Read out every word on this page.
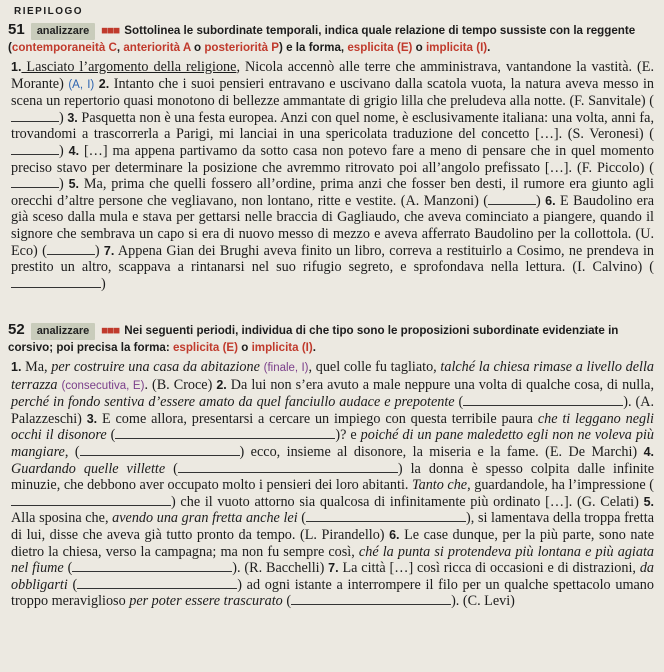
RIEPILOGO
51 analizzare ■■■ Sottolinea le subordinate temporali, indica quale relazione di tempo sussiste con la reggente (contemporaneità C, anteriorità A o posteriorità P) e la forma, esplicita (E) o implicita (I).

1. Lasciato l’argomento della religione, Nicola accennò alle terre che amministrava, vantandone la vastità. (E. Morante) (A, I) 2. Intanto che i suoi pensieri entravano e uscivano dalla scatola vuota, la natura aveva messo in scena un repertorio quasi monotono di bellezze ammantate di grigio lilla che preludeva alla notte. (F. Sanvitale) () 3. Pasquetta non è una festa europea. Anzi con quel nome, è esclusivamente italiana: una volta, anni fa, trovandomi a trascorrerla a Parigi, mi lanciai in una spericolata traduzione del concetto […]. (S. Veronesi) () 4. […] ma appena partivamo da sotto casa non potevo fare a meno di pensare che in quel momento preciso stavo per determinare la posizione che avremmo ritrovato poi all’angolo prefissato […]. (F. Piccolo) () 5. Ma, prima che quelli fossero all’ordine, prima anzi che fosser ben desti, il rumore era giunto agli orecchi d’altre persone che vegliavano, non lontano, ritte e vestite. (A. Manzoni) (	) 6. E Baudolino era già sceso dalla mula e stava per gettarsi nelle braccia di Gagliaudo, che aveva cominciato a piangere, quando il signore che sembrava un capo si era di nuovo messo di mezzo e aveva afferrato Baudolino per la collottola. (U. Eco) (	) 7. Appena Gian dei Brughi aveva finito un libro, correva a restituirlo a Cosimo, ne prendeva in prestito un altro, scappava a rintanarsi nel suo rifugio segreto, e sprofondava nella lettura. (I. Calvino) ()

52 analizzare ■■■ Nei seguenti periodi, individua di che tipo sono le proposizioni subordinate evidenziate in corsivo; poi precisa la forma: esplicita (E) o implicita (I).

1. Ma, per costruire una casa da abitazione (finale, I), quel colle fu tagliato, talché la chiesa rimase a livello della terrazza (consecutiva, E). (B. Croce) 2. Da lui non s’era avuto a male neppure una volta di qualche cosa, di nulla, perché in fondo sentiva d’essere amato da quel fanciullo audace e prepotente (	). (A. Palazzeschi) 3. E come allora, presentarsi a cercare un impiego con questa terribile paura che ti leggano negli occhi il disonore (	)? e poiché di un pane maledetto egli non ne voleva più mangiare, (	) ecco, insieme al disonore, la miseria e la fame. (E. De Marchi) 4. Guardando quelle villette (	) la donna è spesso colpita dalle infinite minuzie, che debbono aver occupato molto i pensieri dei loro abitanti. Tanto che, guardandole, ha l’impressione () che il vuoto attorno sia qualcosa di infinitamente più ordinato […]. (G. Celati) 5. Alla sposina che, avendo una gran fretta anche lei (	), si lamentava della troppa fretta di lui, disse che aveva già tutto pronto da tempo. (L. Pirandello) 6. Le case dunque, per la più parte, sono nate dietro la chiesa, verso la campagna; ma non fu sempre così, ché la punta si protendeva più lontana e più agiata nel fiume (	). (R. Bacchelli) 7. La città […] così ricca di occasioni e di distrazioni, da obbligarti (	) ad ogni istante a interrompere il filo per un qualche spettacolo umano troppo meraviglioso per poter essere trascurato (	). (C. Levi)
